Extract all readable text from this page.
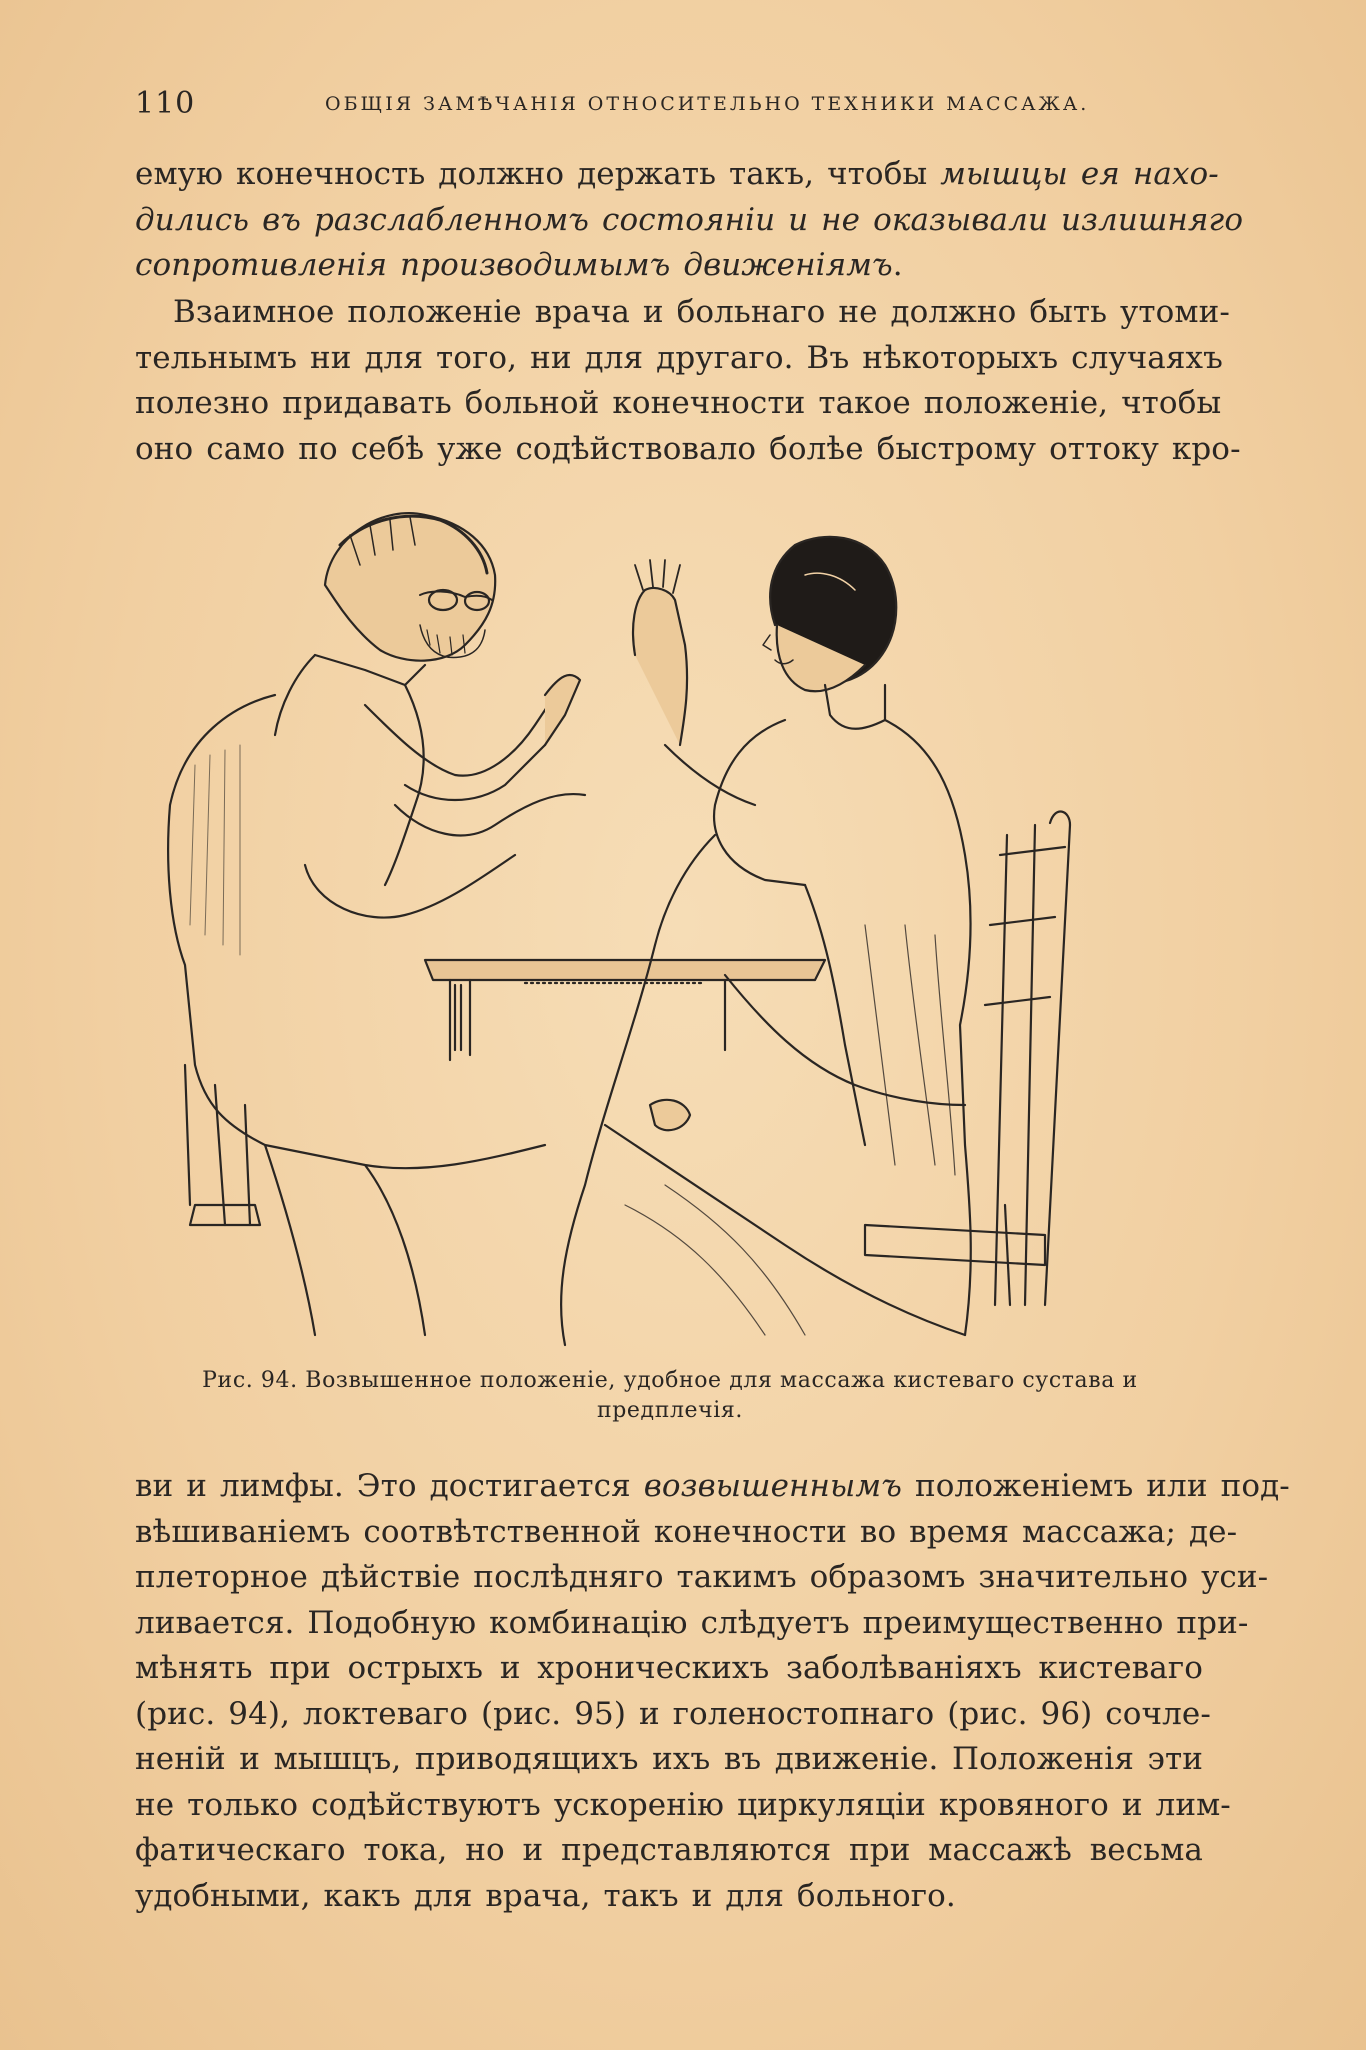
110	ОБЩІЯ ЗАМѢЧАНІЯ ОТНОСИТЕЛЬНО ТЕХНИКИ МАССАЖА.
емую конечность должно держать такъ, чтобы мышцы ея нахо-
дились въ разслабленномъ состояніи и не оказывали излишняго
сопротивленія производимымъ движеніямъ.
Взаимное положеніе врача и больнаго не должно быть утоми-
тельнымъ ни для того, ни для другаго. Въ нѣкоторыхъ случаяхъ
полезно придавать больной конечности такое положеніе, чтобы
оно само по себѣ уже содѣйствовало болѣе быстрому оттоку кро-
Рис. 94. Возвышенное положеніе, удобное для массажа кистеваго сустава и
предплечія.
ви и лимфы. Это достигается возвышеннымъ положеніемъ или под-
вѣшиваніемъ соотвѣтственной конечности во время массажа; де-
плеторное дѣйствіе послѣдняго такимъ образомъ значительно уси-
ливается. Подобную комбинацію слѣдуетъ преимущественно при-
мѣнять при острыхъ и хроническихъ заболѣваніяхъ кистеваго
(рис. 94), локтеваго (рис. 95) и голеностопнаго (рис. 96) сочле-
неній и мышцъ, приводящихъ ихъ въ движеніе. Положенія эти
не только содѣйствуютъ ускоренію циркуляціи кровяного и лим-
фатическаго тока, но и представляются при массажѣ весьма
удобными, какъ для врача, такъ и для больного.
